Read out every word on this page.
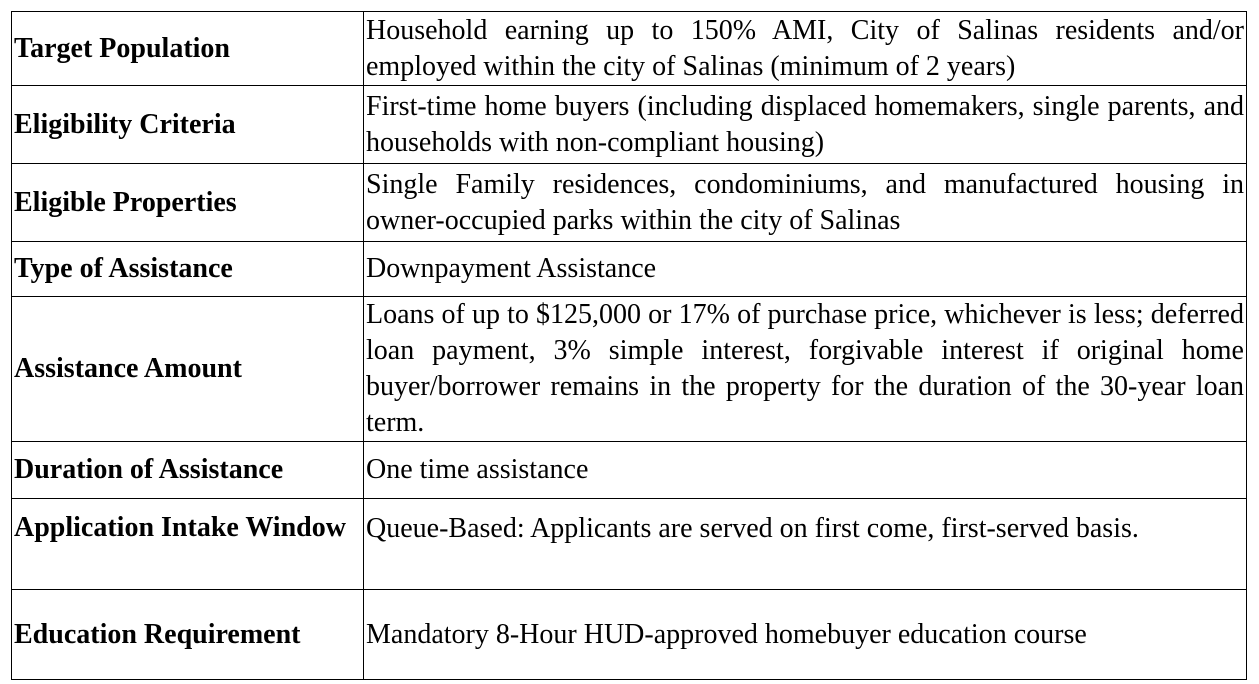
Target Population	Household earning up to 150% AMI, City of Salinas residents and/or employed within the city of Salinas (minimum of 2 years)
Eligibility Criteria	First-time home buyers (including displaced homemakers, single parents, and households with non-compliant housing)
Eligible Properties	Single Family residences, condominiums, and manufactured housing in owner-occupied parks within the city of Salinas
Type of Assistance	Downpayment Assistance
Assistance Amount	Loans of up to $125,000 or 17% of purchase price, whichever is less; deferred loan payment, 3% simple interest, forgivable interest if original home buyer/borrower remains in the property for the duration of the 30-year loan term.
Duration of Assistance	One time assistance
Application Intake Window	Queue-Based: Applicants are served on first come, first-served basis.
Education Requirement	Mandatory 8-Hour HUD-approved homebuyer education course
